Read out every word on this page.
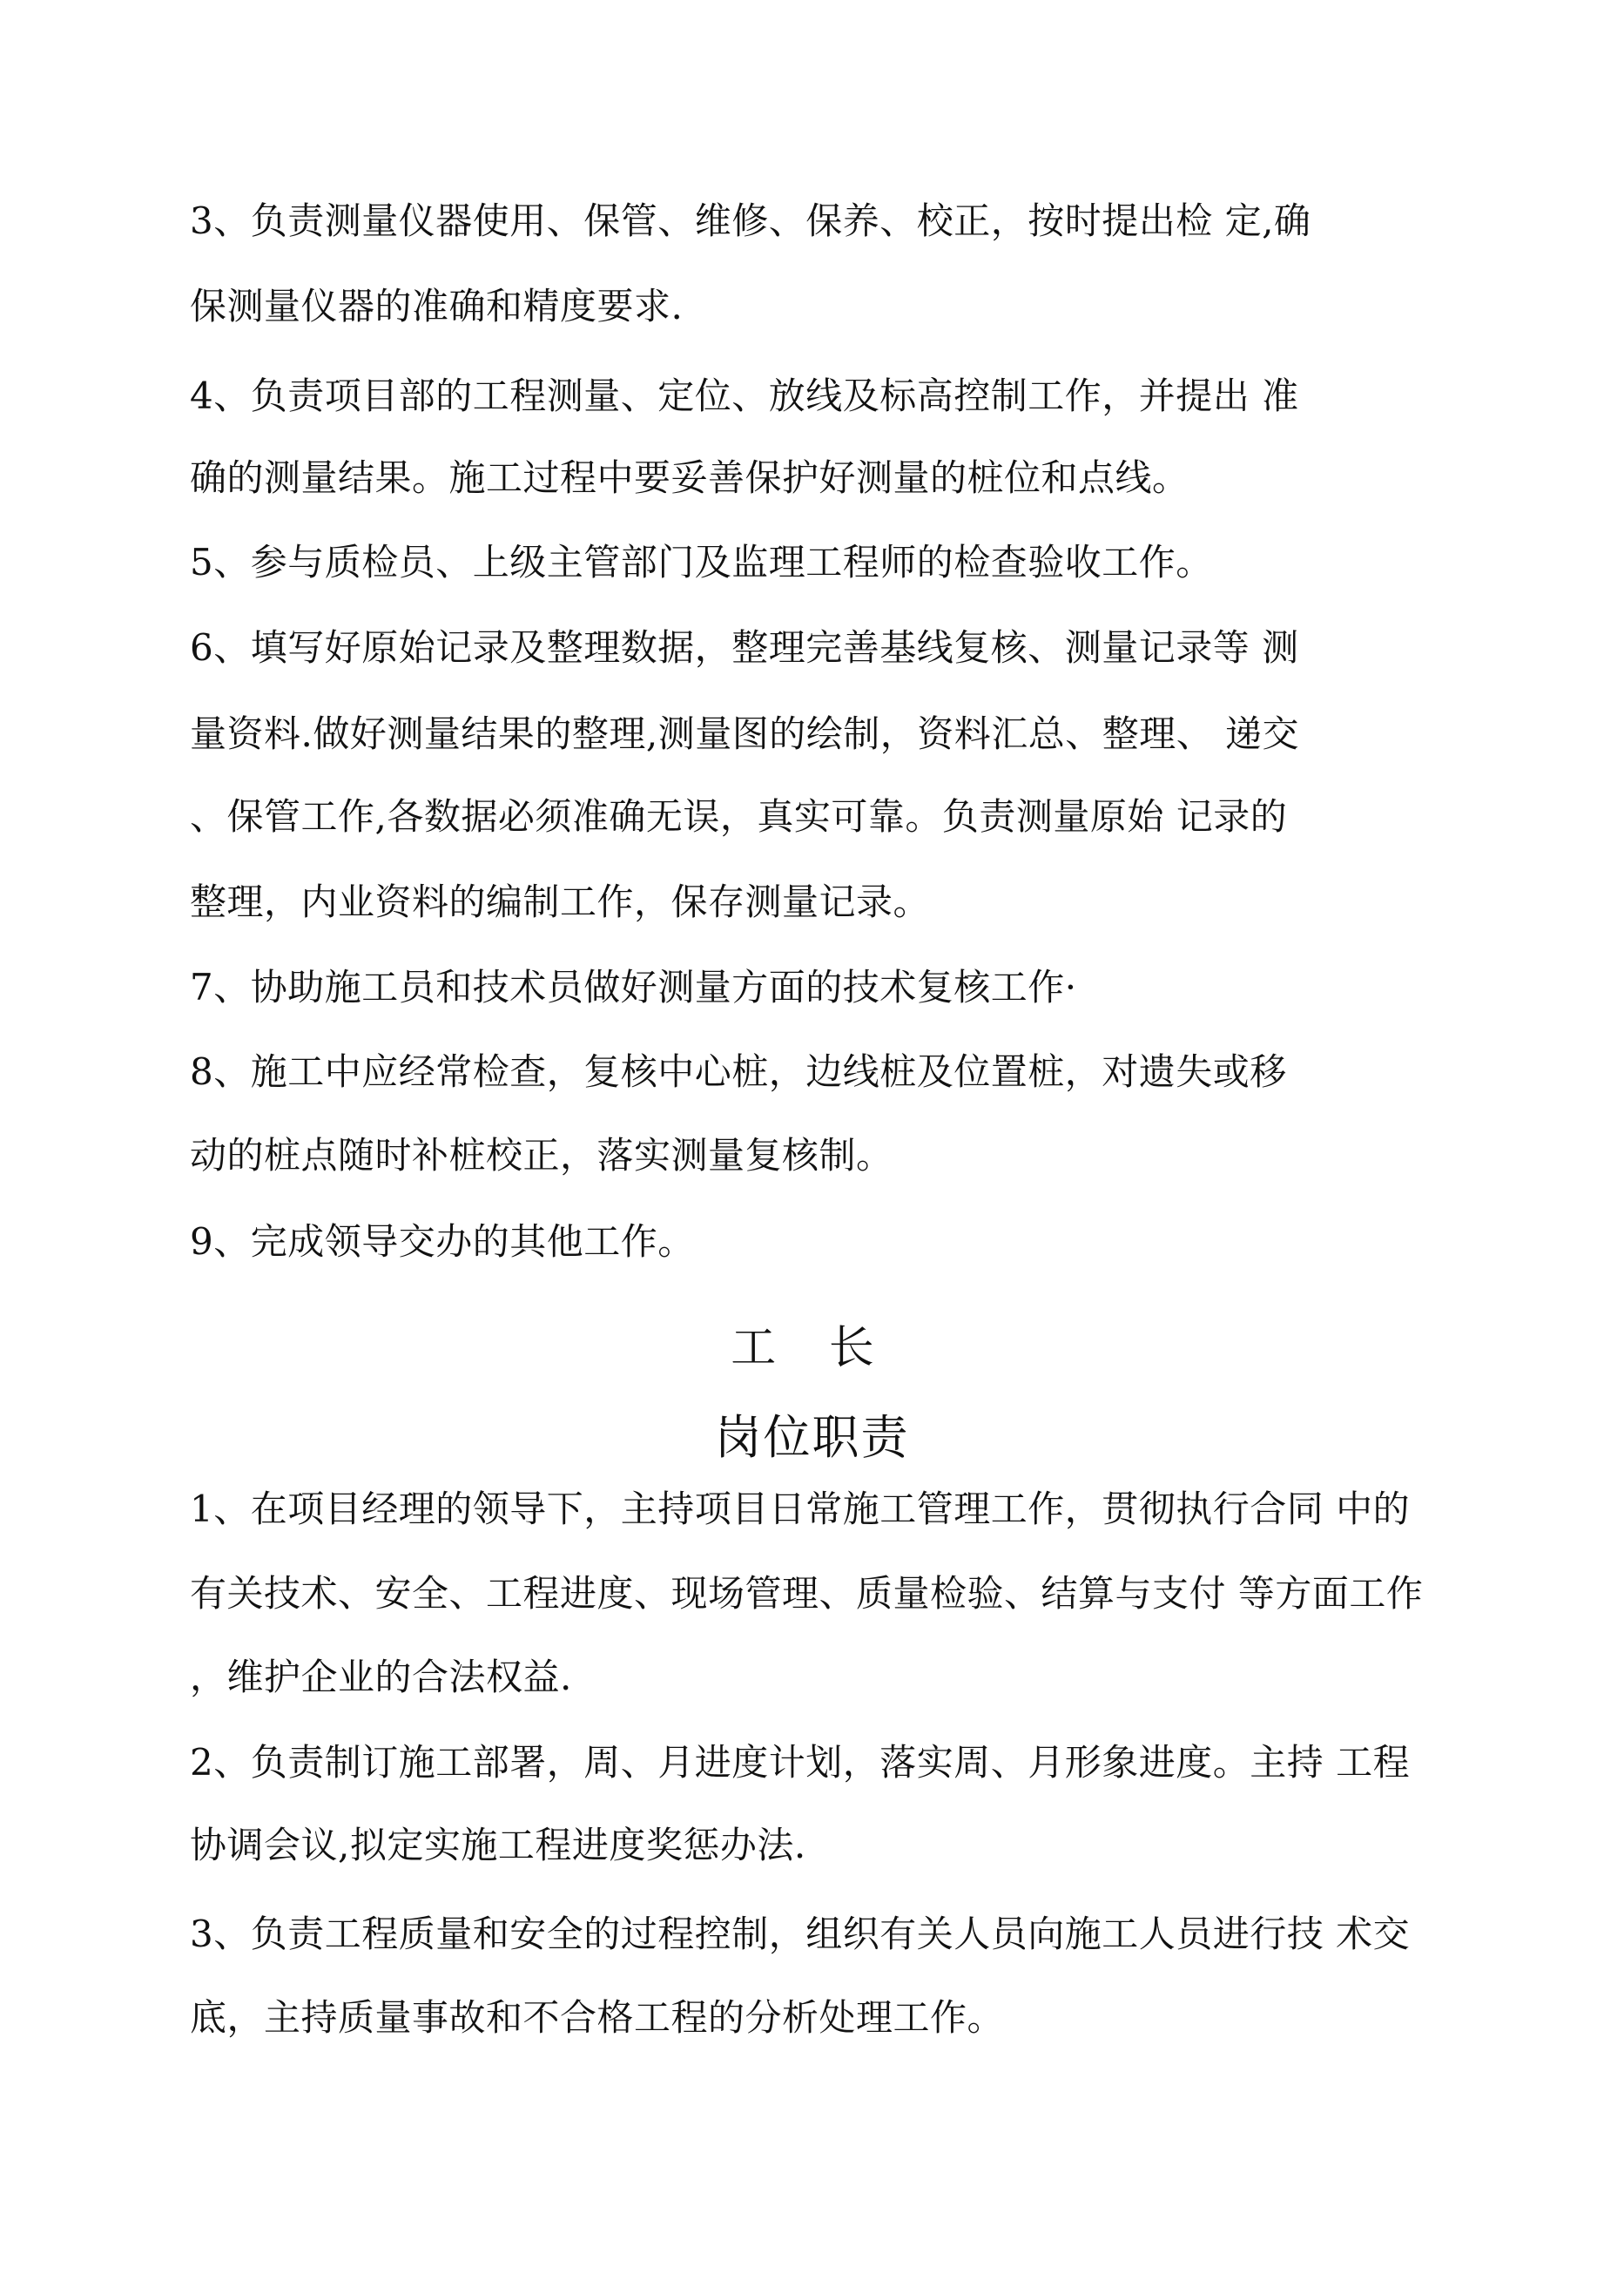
3、负责测量仪器使用、保管、维修、保养、校正，按时提出检 定,确
保测量仪器的准确和精度要求.
4、负责项目部的工程测量、定位、放线及标高控制工作，并提出 准
确的测量结果。施工过程中要妥善保护好测量的桩位和点线。
5、参与质检员、上级主管部门及监理工程师的检查验收工作。
6、填写好原始记录及整理数据，整理完善基线复核、测量记录等 测
量资料.做好测量结果的整理,测量图的绘制，资料汇总、整理、 递交
、保管工作,各数据必须准确无误，真实可靠。负责测量原始 记录的
整理，内业资料的编制工作，保存测量记录。
7、协助施工员和技术员做好测量方面的技术复核工作·
8、施工中应经常检查，复核中心桩，边线桩及位置桩，对遗失或移
动的桩点随时补桩校正，落实测量复核制。
9、完成领导交办的其他工作。
工 长
岗位职责
1、在项目经理的领导下，主持项目日常施工管理工作，贯彻执行合同 中的
有关技术、安全、工程进度、现场管理、质量检验、结算与支付 等方面工作
，维护企业的合法权益.
2、负责制订施工部署，周、月进度计划，落实周、月形象进度。主持 工程
协调会议,拟定实施工程进度奖惩办法.
3、负责工程质量和安全的过程控制，组织有关人员向施工人员进行技 术交
底，主持质量事故和不合格工程的分析处理工作。
